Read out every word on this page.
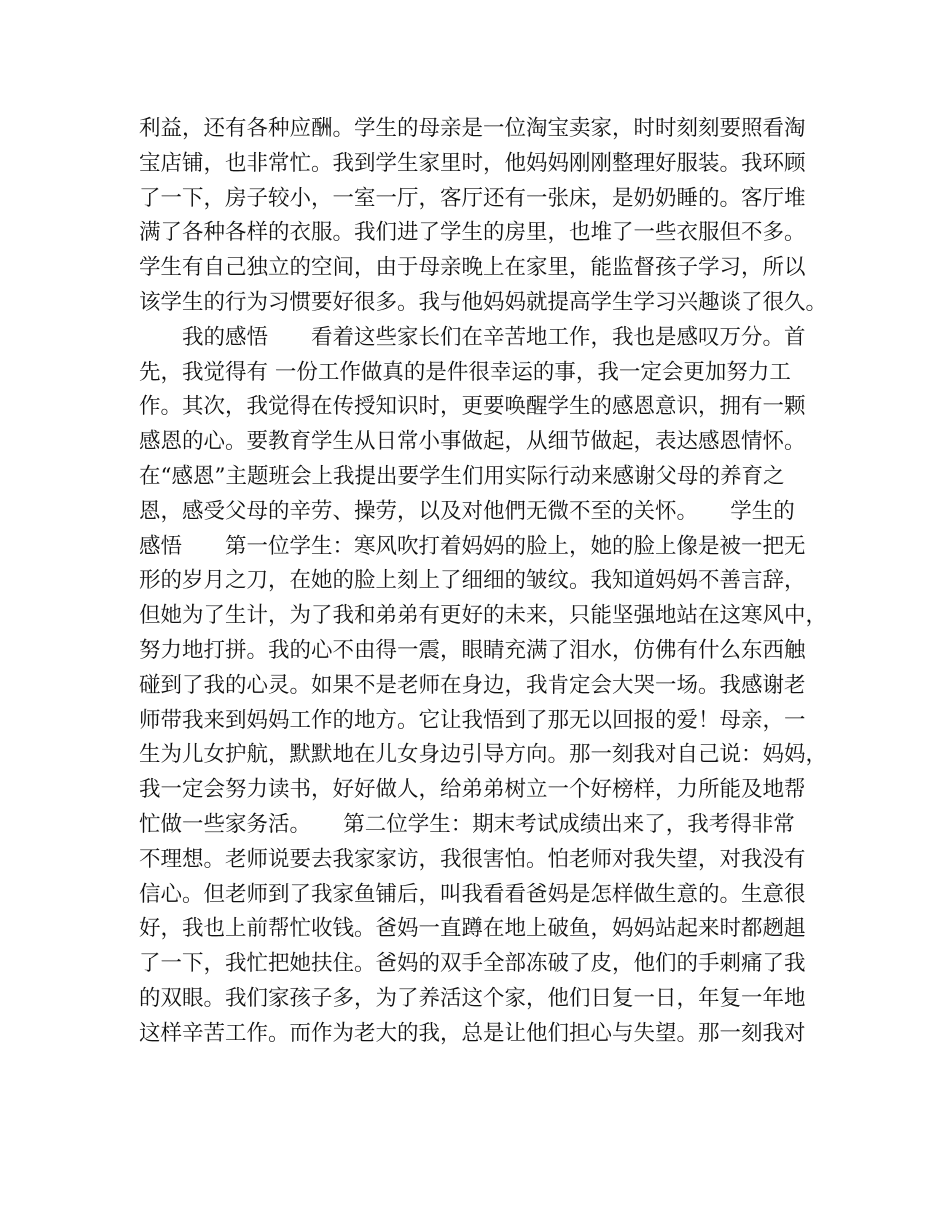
利益，还有各种应酬。学生的母亲是一位淘宝卖家，时时刻刻要照看淘
宝店铺，也非常忙。我到学生家里时，他妈妈刚刚整理好服装。我环顾
了一下，房子较小，一室一厅，客厅还有一张床，是奶奶睡的。客厅堆
满了各种各样的衣服。我们进了学生的房里，也堆了一些衣服但不多。
学生有自己独立的空间，由于母亲晚上在家里，能监督孩子学习，所以
该学生的行为习惯要好很多。我与他妈妈就提高学生学习兴趣谈了很久。
我的感悟　　看着这些家长们在辛苦地工作，我也是感叹万分。首
先，我觉得有 一份工作做真的是件很幸运的事，我一定会更加努力工
作。其次，我觉得在传授知识时，更要唤醒学生的感恩意识，拥有一颗
感恩的心。要教育学生从日常小事做起，从细节做起，表达感恩情怀。
在“感恩”主题班会上我提出要学生们用实际行动来感谢父母的养育之
恩，感受父母的辛劳、操劳，以及对他們无微不至的关怀。　　学生的
感悟　　第一位学生：寒风吹打着妈妈的脸上，她的脸上像是被一把无
形的岁月之刀，在她的脸上刻上了细细的皱纹。我知道妈妈不善言辞，
但她为了生计，为了我和弟弟有更好的未来，只能坚强地站在这寒风中，
努力地打拼。我的心不由得一震，眼睛充满了泪水，仿佛有什么东西触
碰到了我的心灵。如果不是老师在身边，我肯定会大哭一场。我感谢老
师带我来到妈妈工作的地方。它让我悟到了那无以回报的爱！母亲，一
生为儿女护航，默默地在儿女身边引导方向。那一刻我对自己说：妈妈，
我一定会努力读书，好好做人，给弟弟树立一个好榜样，力所能及地帮
忙做一些家务活。　　第二位学生：期末考试成绩出来了，我考得非常
不理想。老师说要去我家家访，我很害怕。怕老师对我失望，对我没有
信心。但老师到了我家鱼铺后，叫我看看爸妈是怎样做生意的。生意很
好，我也上前帮忙收钱。爸妈一直蹲在地上破鱼，妈妈站起来时都趔趄
了一下，我忙把她扶住。爸妈的双手全部冻破了皮，他们的手刺痛了我
的双眼。我们家孩子多，为了养活这个家，他们日复一日，年复一年地
这样辛苦工作。而作为老大的我，总是让他们担心与失望。那一刻我对
